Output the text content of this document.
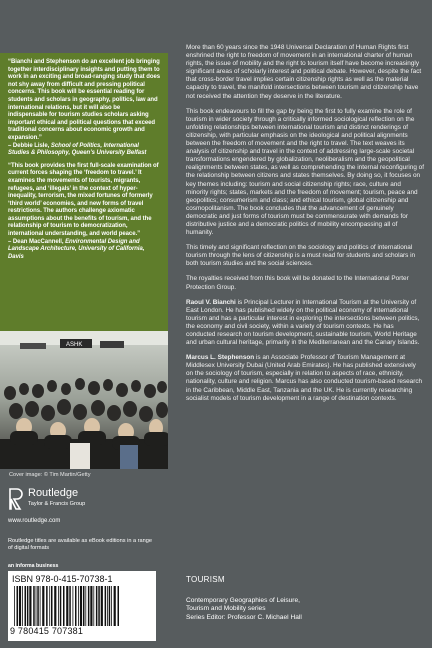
“Bianchi and Stephenson do an excellent job bringing together interdisciplinary insights and putting them to work in an exciting and broad-ranging study that does not shy away from difficult and pressing political concerns. This book will be essential reading for students and scholars in geography, politics, law and international relations, but it will also be indispensable for tourism studies scholars asking important ethical and political questions that exceed traditional concerns about economic growth and expansion.”
– Debbie Lisle, School of Politics, International Studies & Philosophy, Queen’s University Belfast

“This book provides the first full-scale examination of current forces shaping the ‘freedom to travel.’ It examines the movements of tourists, migrants, refugees, and ‘illegals’ in the context of hyper-inequality, terrorism, the mixed fortunes of formerly ‘third world’ economies, and new forms of travel restrictions. The authors challenge axiomatic assumptions about the benefits of tourism, and the relationship of tourism to democratization, international understanding, and world peace.”
– Dean MacCannell, Environmental Design and Landscape Architecture, University of California, Davis

ASHK
Cover image: © Tim Martin/Getty
Routledge
Taylor & Francis Group
www.routledge.com
Routledge titles are available as eBook editions in a range of digital formats
an informa business
ISBN 978-0-415-70738-1
9 780415 707381

More than 60 years since the 1948 Universal Declaration of Human Rights first enshrined the right to freedom of movement in an international charter of human rights, the issue of mobility and the right to tourism itself have become increasingly significant areas of scholarly interest and political debate. However, despite the fact that cross-border travel implies certain citizenship rights as well as the material capacity to travel, the manifold intersections between tourism and citizenship have not received the attention they deserve in the literature.

This book endeavours to fill the gap by being the first to fully examine the role of tourism in wider society through a critically informed sociological reflection on the unfolding relationships between international tourism and distinct renderings of citizenship, with particular emphasis on the ideological and political alignments between the freedom of movement and the right to travel. The text weaves its analysis of citizenship and travel in the context of addressing large-scale societal transformations engendered by globalization, neoliberalism and the geopolitical realignments between states, as well as comprehending the internal reconfiguring of the relationship between citizens and states themselves. By doing so, it focuses on key themes including: tourism and social citizenship rights; race, culture and minority rights; states, markets and the freedom of movement; tourism, peace and geopolitics; consumerism and class; and ethical tourism, global citizenship and cosmopolitanism. The book concludes that the advancement of genuinely democratic and just forms of tourism must be commensurate with demands for distributive justice and a democratic politics of mobility encompassing all of humanity.

This timely and significant reflection on the sociology and politics of international tourism through the lens of citizenship is a must read for students and scholars in both tourism studies and the social sciences.

The royalties received from this book will be donated to the International Porter Protection Group.

Raoul V. Bianchi is Principal Lecturer in International Tourism at the University of East London. He has published widely on the political economy of international tourism and has a particular interest in exploring the intersections between politics, the economy and civil society, within a variety of tourism contexts. He has conducted research on tourism development, sustainable tourism, World Heritage and urban cultural heritage, primarily in the Mediterranean and the Canary Islands.

Marcus L. Stephenson is an Associate Professor of Tourism Management at Middlesex University Dubai (United Arab Emirates). He has published extensively on the sociology of tourism, especially in relation to aspects of race, ethnicity, nationality, culture and religion. Marcus has also conducted tourism-based research in the Caribbean, Middle East, Tanzania and the UK. He is currently researching socialist models of tourism development in a range of destination contexts.

TOURISM
Contemporary Geographies of Leisure,
Tourism and Mobility series
Series Editor: Professor C. Michael Hall
